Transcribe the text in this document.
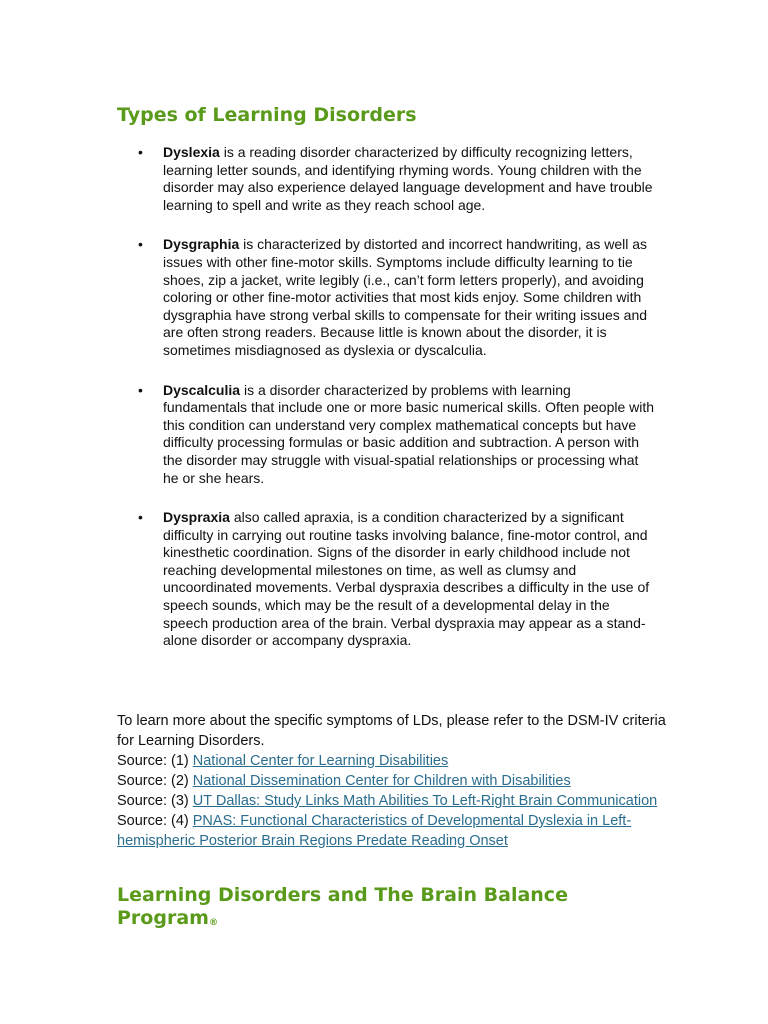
Types of Learning Disorders
• Dyslexia is a reading disorder characterized by difficulty recognizing letters, learning letter sounds, and identifying rhyming words. Young children with the disorder may also experience delayed language development and have trouble learning to spell and write as they reach school age.
• Dysgraphia is characterized by distorted and incorrect handwriting, as well as issues with other fine-motor skills. Symptoms include difficulty learning to tie shoes, zip a jacket, write legibly (i.e., can’t form letters properly), and avoiding coloring or other fine-motor activities that most kids enjoy. Some children with dysgraphia have strong verbal skills to compensate for their writing issues and are often strong readers. Because little is known about the disorder, it is sometimes misdiagnosed as dyslexia or dyscalculia.
• Dyscalculia is a disorder characterized by problems with learning fundamentals that include one or more basic numerical skills. Often people with this condition can understand very complex mathematical concepts but have difficulty processing formulas or basic addition and subtraction. A person with the disorder may struggle with visual-spatial relationships or processing what he or she hears.
• Dyspraxia also called apraxia, is a condition characterized by a significant difficulty in carrying out routine tasks involving balance, fine-motor control, and kinesthetic coordination. Signs of the disorder in early childhood include not reaching developmental milestones on time, as well as clumsy and uncoordinated movements. Verbal dyspraxia describes a difficulty in the use of speech sounds, which may be the result of a developmental delay in the speech production area of the brain. Verbal dyspraxia may appear as a stand-alone disorder or accompany dyspraxia.

To learn more about the specific symptoms of LDs, please refer to the DSM-IV criteria for Learning Disorders.

Source: (1) National Center for Learning Disabilities

Source: (2) National Dissemination Center for Children with Disabilities

Source: (3) UT Dallas: Study Links Math Abilities To Left-Right Brain Communication

Source: (4) PNAS: Functional Characteristics of Developmental Dyslexia in Left-hemispheric Posterior Brain Regions Predate Reading Onset

Learning Disorders and The Brain Balance Program®
